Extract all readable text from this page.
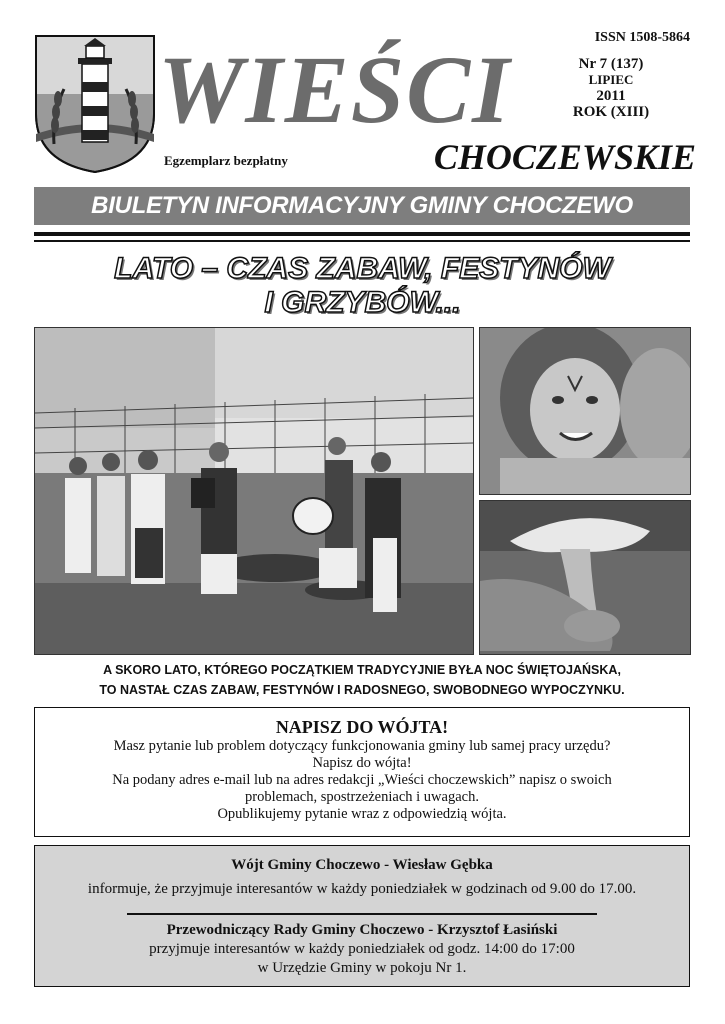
WIEŚCI	ISSN 1508-5864
Nr 7 (137)
LIPIEC
2011
ROK (XIII)
Egzemplarz bezpłatny	CHOCZEWSKIE
BIULETYN INFORMACYJNY GMINY CHOCZEWO
LATO – CZAS ZABAW, FESTYNÓW
I GRZYBÓW...
A SKORO LATO, KTÓREGO POCZĄTKIEM TRADYCYJNIE BYŁA NOC ŚWIĘTOJAŃSKA,
TO NASTAŁ CZAS ZABAW, FESTYNÓW I RADOSNEGO, SWOBODNEGO WYPOCZYNKU.
NAPISZ DO WÓJTA!
Masz pytanie lub problem dotyczący funkcjonowania gminy lub samej pracy urzędu?
Napisz do wójta!
Na podany adres e-mail lub na adres redakcji „Wieści choczewskich” napisz o swoich
problemach, spostrzeżeniach i uwagach.
Opublikujemy pytanie wraz z odpowiedzią wójta.
Wójt Gminy Choczewo - Wiesław Gębka
informuje, że przyjmuje interesantów w każdy poniedziałek w godzinach od 9.00 do 17.00.
Przewodniczący Rady Gminy Choczewo - Krzysztof Łasiński
przyjmuje interesantów w każdy poniedziałek od godz. 14:00 do 17:00
w Urzędzie Gminy w pokoju Nr 1.
